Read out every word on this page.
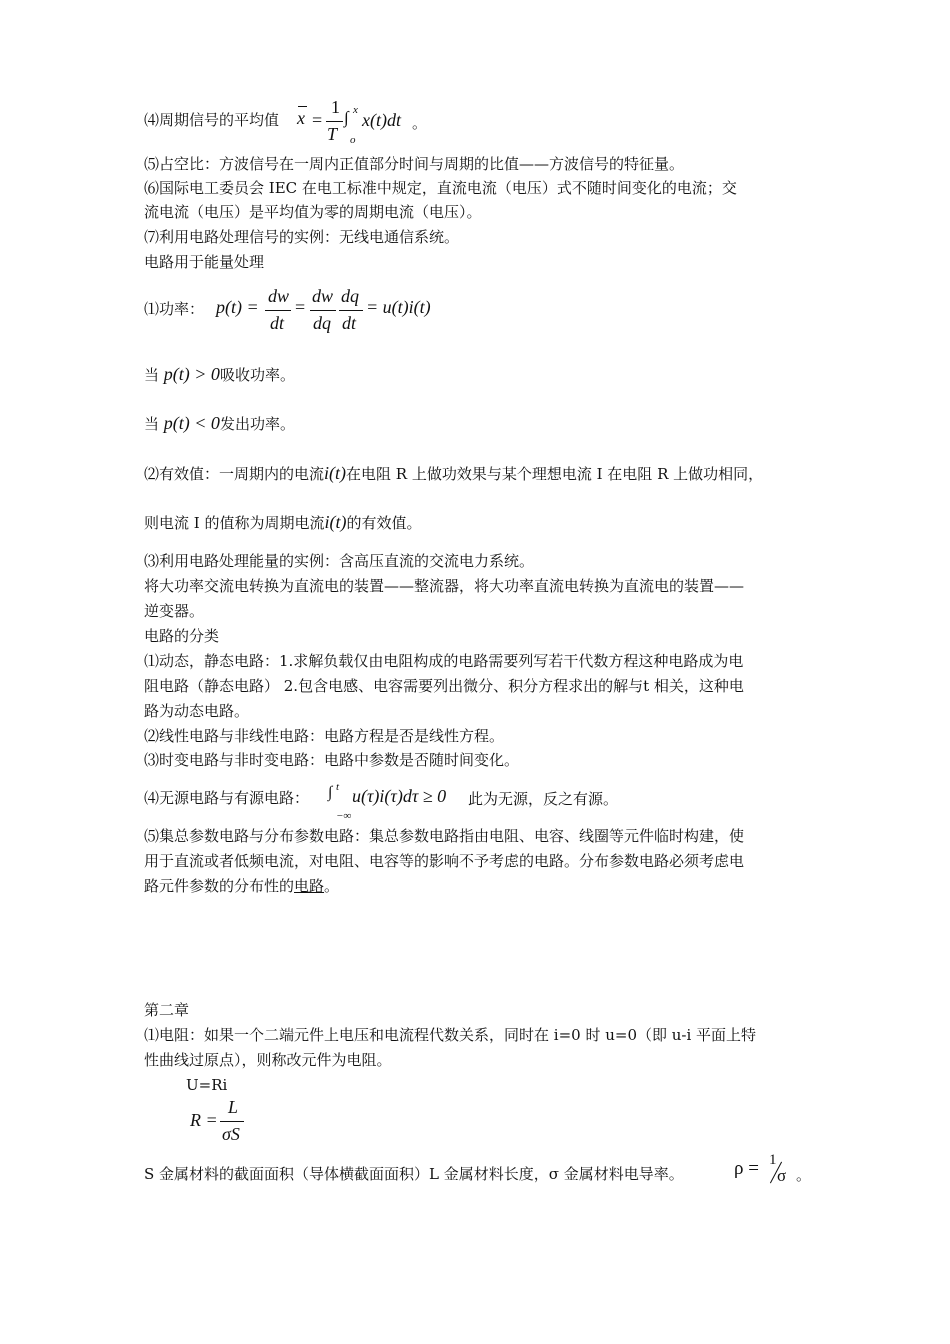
⑷周期信号的平均值 x =
1
T
∫ x
o
x(t)dt 。
⑸占空比：方波信号在一周内正值部分时间与周期的比值——方波信号的特征量。
⑹国际电工委员会 IEC 在电工标准中规定，直流电流（电压）式不随时间变化的电流；交
流电流（电压）是平均值为零的周期电流（电压）。
⑺利用电路处理信号的实例：无线电通信系统。
电路用于能量处理
⑴功率： p(t) =
dw
dt
=
dw
dq
dq
dt
= u(t)i(t)
当 p(t) > 0吸收功率。
当 p(t) < 0发出功率。
⑵有效值：一周期内的电流i(t)在电阻 R 上做功效果与某个理想电流 I 在电阻 R 上做功相同，
则电流 I 的值称为周期电流i(t)的有效值。
⑶利用电路处理能量的实例：含高压直流的交流电力系统。
将大功率交流电转换为直流电的装置——整流器，将大功率直流电转换为直流电的装置——
逆变器。
电路的分类
⑴动态，静态电路：1.求解负载仅由电阻构成的电路需要列写若干代数方程这种电路成为电
阻电路（静态电路） 2.包含电感、电容需要列出微分、积分方程求出的解与t 相关，这种电
路为动态电路。
⑵线性电路与非线性电路：电路方程是否是线性方程。
⑶时变电路与非时变电路：电路中参数是否随时间变化。
⑷无源电路与有源电路： ∫ t
−∞
u(τ)i(τ)dτ ≥ 0 此为无源，反之有源。
⑸集总参数电路与分布参数电路：集总参数电路指由电阻、电容、线圈等元件临时构建，使
用于直流或者低频电流，对电阻、电容等的影响不予考虑的电路。分布参数电路必须考虑电
路元件参数的分布性的电路。
第二章
⑴电阻：如果一个二端元件上电压和电流程代数关系，同时在 i=0 时 u=0（即 u-i 平面上特
性曲线过原点），则称改元件为电阻。
U=Ri
R =
L
σS
S 金属材料的截面面积（导体横截面面积）L 金属材料长度，σ 金属材料电导率。	ρ = 1
σ 。
